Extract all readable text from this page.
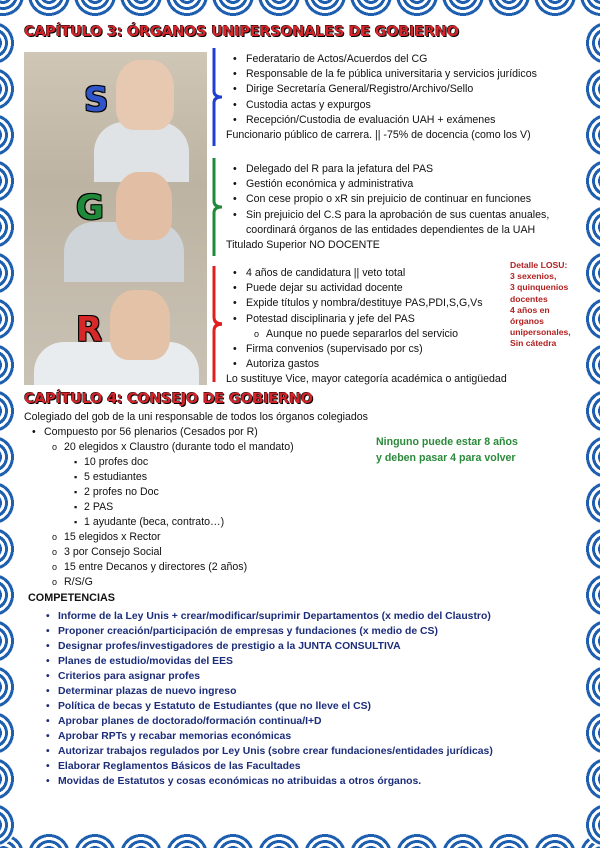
CAPÍTULO 3: ÓRGANOS UNIPERSONALES DE GOBIERNO
S
G
R
• Federatario de Actos/Acuerdos del CG
• Responsable de la fe pública universitaria y servicios jurídicos
• Dirige Secretaría General/Registro/Archivo/Sello
• Custodia actas y expurgos
• Recepción/Custodia de evaluación UAH + exámenes
Funcionario público de carrera. || -75% de docencia (como los V)
• Delegado del R para la jefatura del PAS
• Gestión económica y administrativa
• Con cese propio o xR sin prejuicio de continuar en funciones
• Sin prejuicio del C.S para la aprobación de sus cuentas anuales, coordinará órganos de las entidades dependientes de la UAH
Titulado Superior NO DOCENTE
• 4 años de candidatura || veto total
• Puede dejar su actividad docente
• Expide títulos y nombra/destituye PAS,PDI,S,G,Vs
• Potestad disciplinaria y jefe del PAS
o Aunque no puede separarlos del servicio
• Firma convenios (supervisado por cs)
• Autoriza gastos
Lo sustituye Vice, mayor categoría académica o antigüedad
Detalle LOSU:
3 sexenios,
3 quinquenios
docentes
4 años en
órganos
unipersonales,
Sin cátedra
CAPÍTULO 4: CONSEJO DE GOBIERNO
Colegiado del gob de la uni responsable de todos los órganos colegiados
• Compuesto por 56 plenarios (Cesados por R)
o 20 elegidos x Claustro (durante todo el mandato)
▪ 10 profes doc
▪ 5 estudiantes
▪ 2 profes no Doc
▪ 2 PAS
▪ 1 ayudante (beca, contrato…)
o 15 elegidos x Rector
o 3 por Consejo Social
o 15 entre Decanos y directores (2 años)
o R/S/G
Ninguno puede estar 8 años
y deben pasar 4 para volver
COMPETENCIAS
• Informe de la Ley Unis + crear/modificar/suprimir Departamentos (x medio del Claustro)
• Proponer creación/participación de empresas y fundaciones (x medio de CS)
• Designar profes/investigadores de prestigio a la JUNTA CONSULTIVA
• Planes de estudio/movidas del EES
• Criterios para asignar profes
• Determinar plazas de nuevo ingreso
• Política de becas y Estatuto de Estudiantes (que no lleve el CS)
• Aprobar planes de doctorado/formación continua/I+D
• Aprobar RPTs y recabar memorias económicas
• Autorizar trabajos regulados por Ley Unis (sobre crear fundaciones/entidades jurídicas)
• Elaborar Reglamentos Básicos de las Facultades
• Movidas de Estatutos y cosas económicas no atribuidas a otros órganos.
